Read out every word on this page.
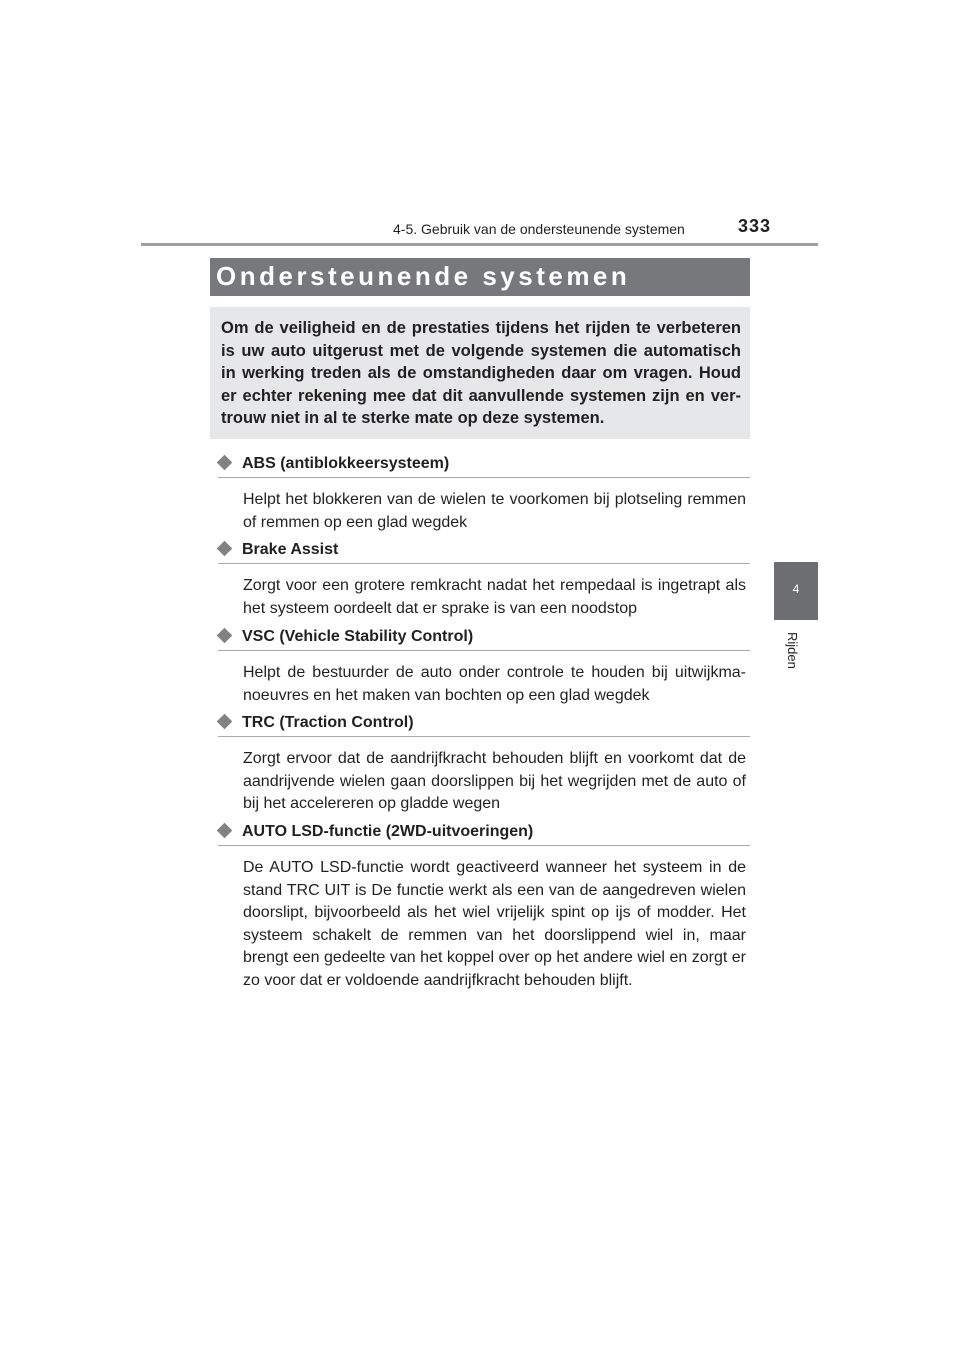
4-5. Gebruik van de ondersteunende systemen	333
4
Rijden
Ondersteunende systemen
Om de veiligheid en de prestaties tijdens het rijden te verbeteren is uw auto uitgerust met de volgende systemen die automatisch in werking treden als de omstandigheden daar om vragen. Houd er echter rekening mee dat dit aanvullende systemen zijn en vertrouw niet in al te sterke mate op deze systemen.
ABS (antiblokkeersysteem)
Helpt het blokkeren van de wielen te voorkomen bij plotseling remmen of remmen op een glad wegdek
Brake Assist
Zorgt voor een grotere remkracht nadat het rempedaal is ingetrapt als het systeem oordeelt dat er sprake is van een noodstop
VSC (Vehicle Stability Control)
Helpt de bestuurder de auto onder controle te houden bij uitwijkmanoeuvres en het maken van bochten op een glad wegdek
TRC (Traction Control)
Zorgt ervoor dat de aandrijfkracht behouden blijft en voorkomt dat de aandrijvende wielen gaan doorslippen bij het wegrijden met de auto of bij het accelereren op gladde wegen
AUTO LSD-functie (2WD-uitvoeringen)
De AUTO LSD-functie wordt geactiveerd wanneer het systeem in de stand TRC UIT is De functie werkt als een van de aangedreven wielen doorslipt, bijvoorbeeld als het wiel vrijelijk spint op ijs of modder. Het systeem schakelt de remmen van het doorslippend wiel in, maar brengt een gedeelte van het koppel over op het andere wiel en zorgt er zo voor dat er voldoende aandrijfkracht behouden blijft.
